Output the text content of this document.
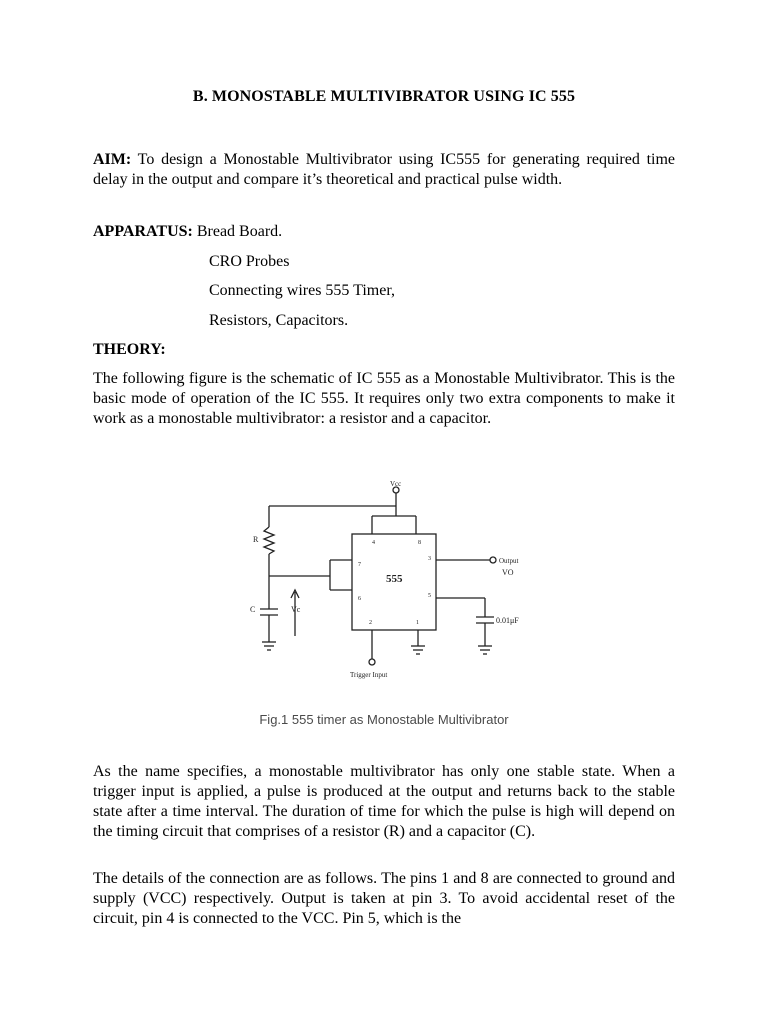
B. MONOSTABLE MULTIVIBRATOR USING IC 555
AIM: To design a Monostable Multivibrator using IC555 for generating required time delay in the output and compare it’s theoretical and practical pulse width.
APPARATUS: Bread Board.
CRO Probes
Connecting wires 555 Timer,
Resistors, Capacitors.
THEORY:
The following figure is the schematic of IC 555 as a Monostable Multivibrator. This is the basic mode of operation of the IC 555. It requires only two extra components to make it work as a monostable multivibrator: a resistor and a capacitor.
Fig.1 555 timer as Monostable Multivibrator
As the name specifies, a monostable multivibrator has only one stable state. When a trigger input is applied, a pulse is produced at the output and returns back to the stable state after a time interval. The duration of time for which the pulse is high will depend on the timing circuit that comprises of a resistor (R) and a capacitor (C).
The details of the connection are as follows. The pins 1 and 8 are connected to ground and supply (VCC) respectively. Output is taken at pin 3. To avoid accidental reset of the circuit, pin 4 is connected to the VCC. Pin 5, which is the
Vcc
R
C	Vc
555
Output
VO
0.01μF
Trigger Input
4	8
7
3
6	5
2	1
